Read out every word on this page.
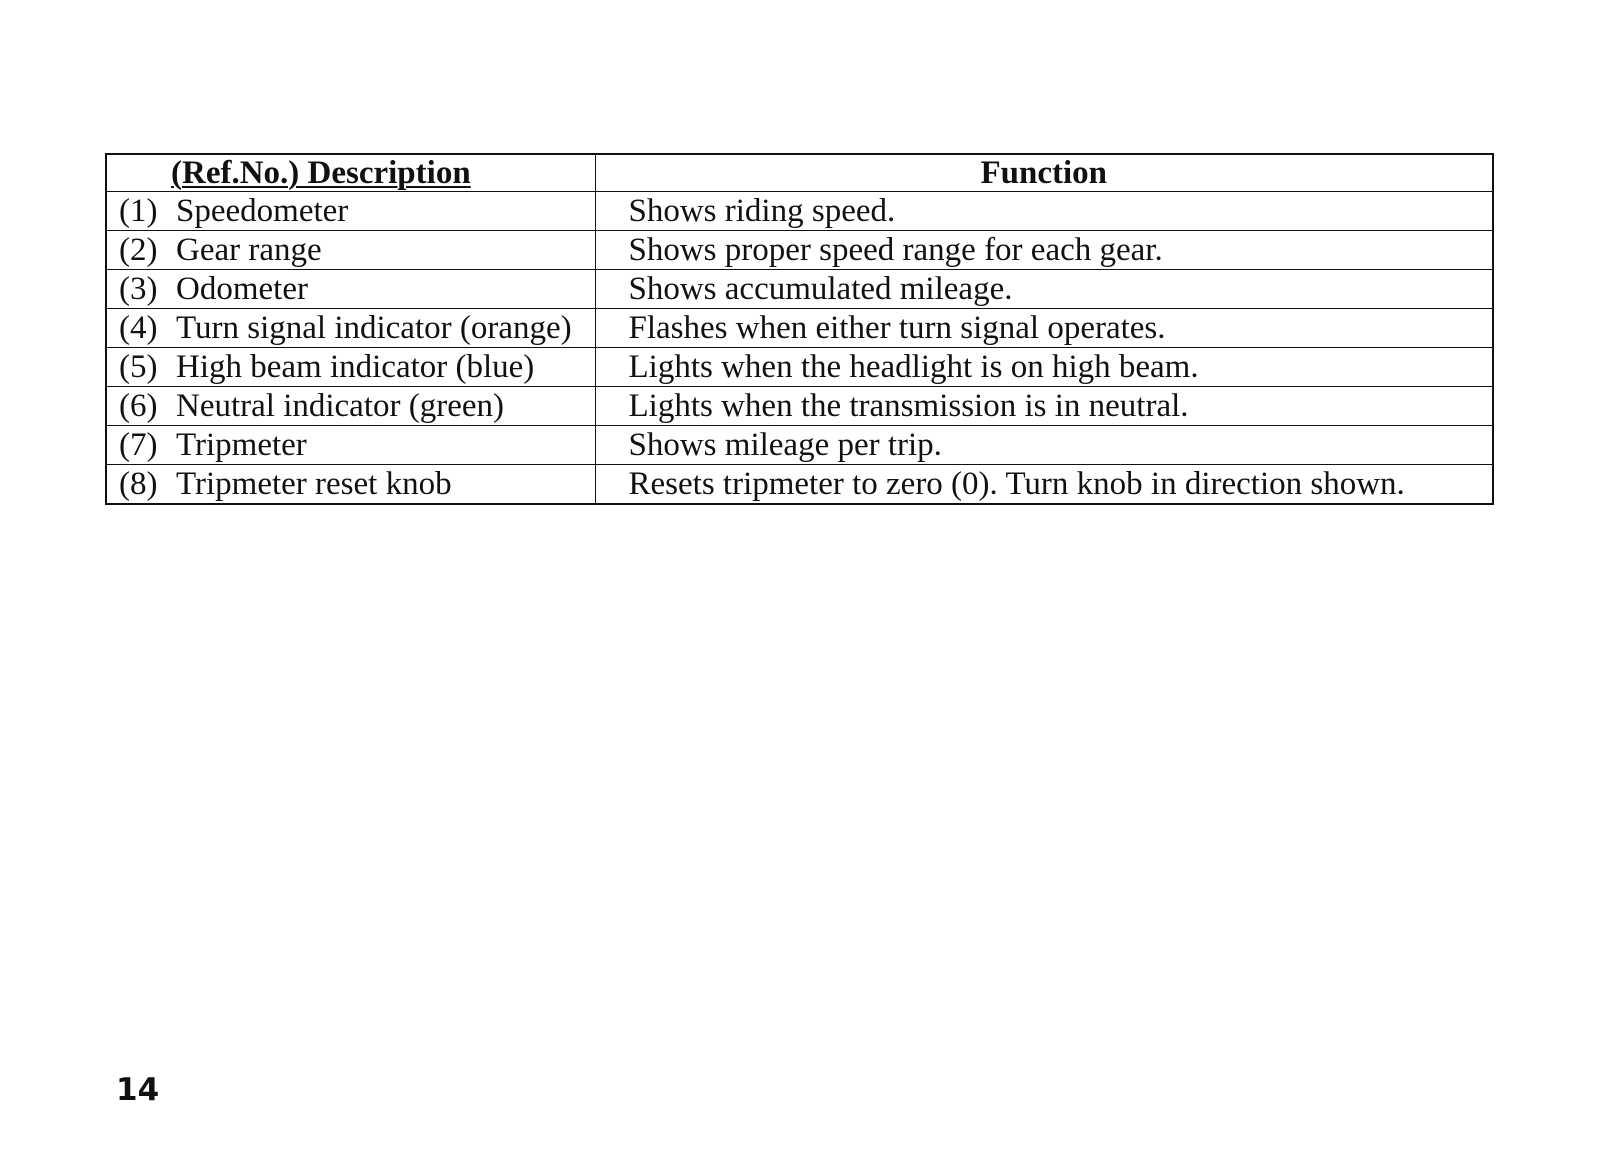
(Ref.No.) Description	Function

(1) Speedometer	Shows riding speed.

(2) Gear range	Shows proper speed range for each gear.

(3) Odometer	Shows accumulated mileage.

(4) Turn signal indicator (orange)	Flashes when either turn signal operates.

(5) High beam indicator (blue)	Lights when the headlight is on high beam.

(6) Neutral indicator (green)	Lights when the transmission is in neutral.

(7) Tripmeter	Shows mileage per trip.

(8) Tripmeter reset knob	Resets tripmeter to zero (0). Turn knob in direction shown.
14
